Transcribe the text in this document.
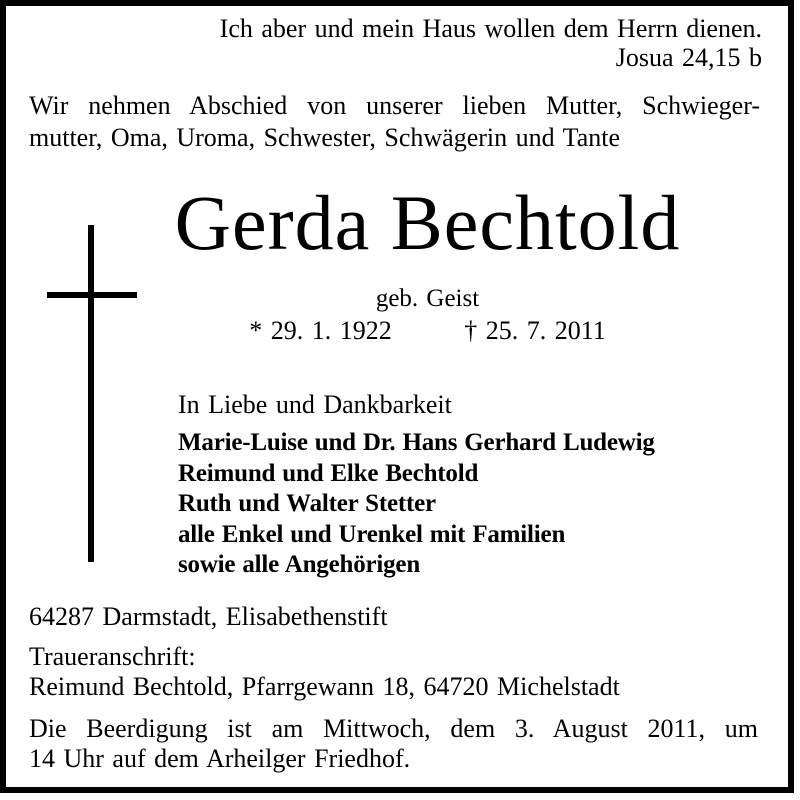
Ich aber und mein Haus wollen dem Herrn dienen.
Josua 24,15 b
Wir nehmen Abschied von unserer lieben Mutter, Schwieger-
mutter, Oma, Uroma, Schwester, Schwägerin und Tante
Gerda Bechtold
geb. Geist
* 29. 1. 1922	† 25. 7. 2011
In Liebe und Dankbarkeit
Marie-Luise und Dr. Hans Gerhard Ludewig
Reimund und Elke Bechtold
Ruth und Walter Stetter
alle Enkel und Urenkel mit Familien
sowie alle Angehörigen
64287 Darmstadt, Elisabethenstift
Traueranschrift:
Reimund Bechtold, Pfarrgewann 18, 64720 Michelstadt
Die Beerdigung ist am Mittwoch, dem 3. August 2011, um
14 Uhr auf dem Arheilger Friedhof.
